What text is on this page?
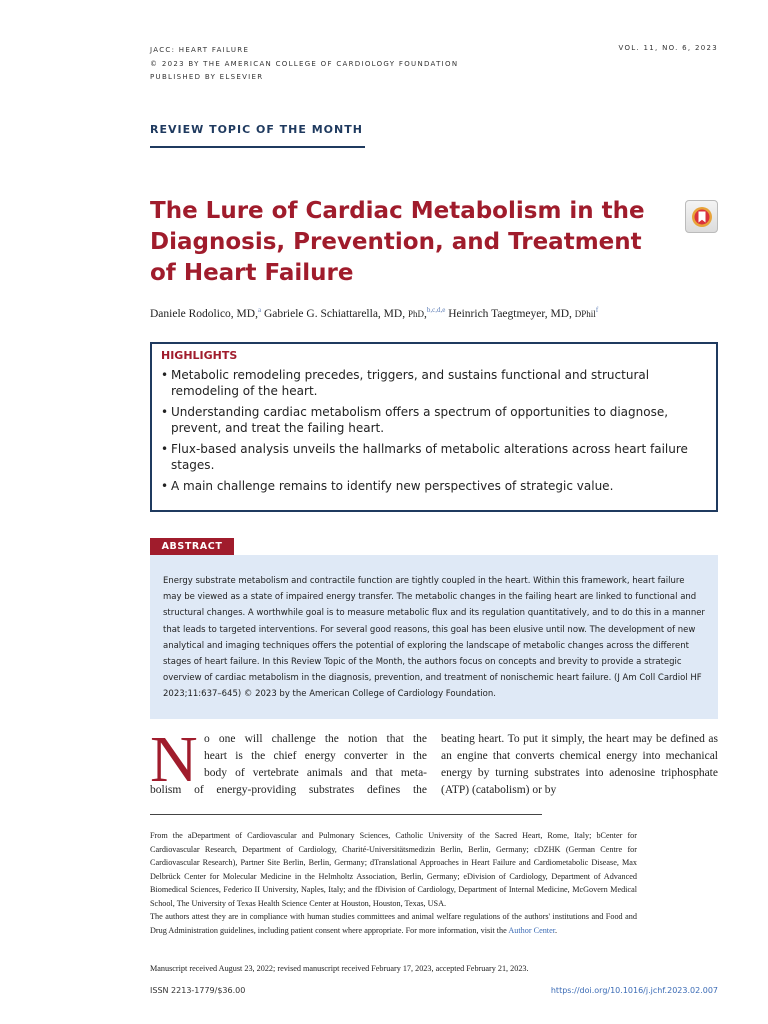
JACC: HEART FAILURE
© 2023 BY THE AMERICAN COLLEGE OF CARDIOLOGY FOUNDATION
PUBLISHED BY ELSEVIER
VOL. 11, NO. 6, 2023
REVIEW TOPIC OF THE MONTH
The Lure of Cardiac Metabolism in the
Diagnosis, Prevention, and Treatment
of Heart Failure
Daniele Rodolico, MD,$^a$ Gabriele G. Schiattarella, MD, PhD,$^{b,c,d,e}$ Heinrich Taegtmeyer, MD, DPhil$^f$
HIGHLIGHTS
• Metabolic remodeling precedes, triggers, and sustains functional and structural remodeling of the heart.
• Understanding cardiac metabolism offers a spectrum of opportunities to diagnose, prevent, and treat the failing heart.
• Flux-based analysis unveils the hallmarks of metabolic alterations across heart failure stages.
• A main challenge remains to identify new perspectives of strategic value.
ABSTRACT

Energy substrate metabolism and contractile function are tightly coupled in the heart. Within this framework, heart failure may be viewed as a state of impaired energy transfer. The metabolic changes in the failing heart are linked to functional and structural changes. A worthwhile goal is to measure metabolic flux and its regulation quantitatively, and to do this in a manner that leads to targeted interventions. For several good reasons, this goal has been elusive until now. The development of new analytical and imaging techniques offers the potential of exploring the landscape of metabolic changes across the different stages of heart failure. In this Review Topic of the Month, the authors focus on concepts and brevity to provide a strategic overview of cardiac metabolism in the diagnosis, prevention, and treatment of nonischemic heart failure. (J Am Coll Cardiol HF 2023;11:637–645) © 2023 by the American College of Cardiology Foundation.

N o one will challenge the notion that the
heart is the chief energy converter in the
body of vertebrate animals and that meta-
bolism of energy-providing substrates defines the
beating heart. To put it simply, the heart may be defined as an engine that converts chemical energy into mechanical energy by turning substrates into adenosine triphosphate (ATP) (catabolism) or by

From the aDepartment of Cardiovascular and Pulmonary Sciences, Catholic University of the Sacred Heart, Rome, Italy; bCenter for Cardiovascular Research, Department of Cardiology, Charité-Universitätsmedizin Berlin, Berlin, Germany; cDZHK (German Centre for Cardiovascular Research), Partner Site Berlin, Berlin, Germany; dTranslational Approaches in Heart Failure and Cardiometabolic Disease, Max Delbrück Center for Molecular Medicine in the Helmholtz Association, Berlin, Germany; eDivision of Cardiology, Department of Advanced Biomedical Sciences, Federico II University, Naples, Italy; and the fDivision of Cardiology, Department of Internal Medicine, McGovern Medical School, The University of Texas Health Science Center at Houston, Houston, Texas, USA.

The authors attest they are in compliance with human studies committees and animal welfare regulations of the authors' institutions and Food and Drug Administration guidelines, including patient consent where appropriate. For more information, visit the Author Center.

Manuscript received August 23, 2022; revised manuscript received February 17, 2023, accepted February 21, 2023.
ISSN 2213-1779/$36.00	https://doi.org/10.1016/j.jchf.2023.02.007
